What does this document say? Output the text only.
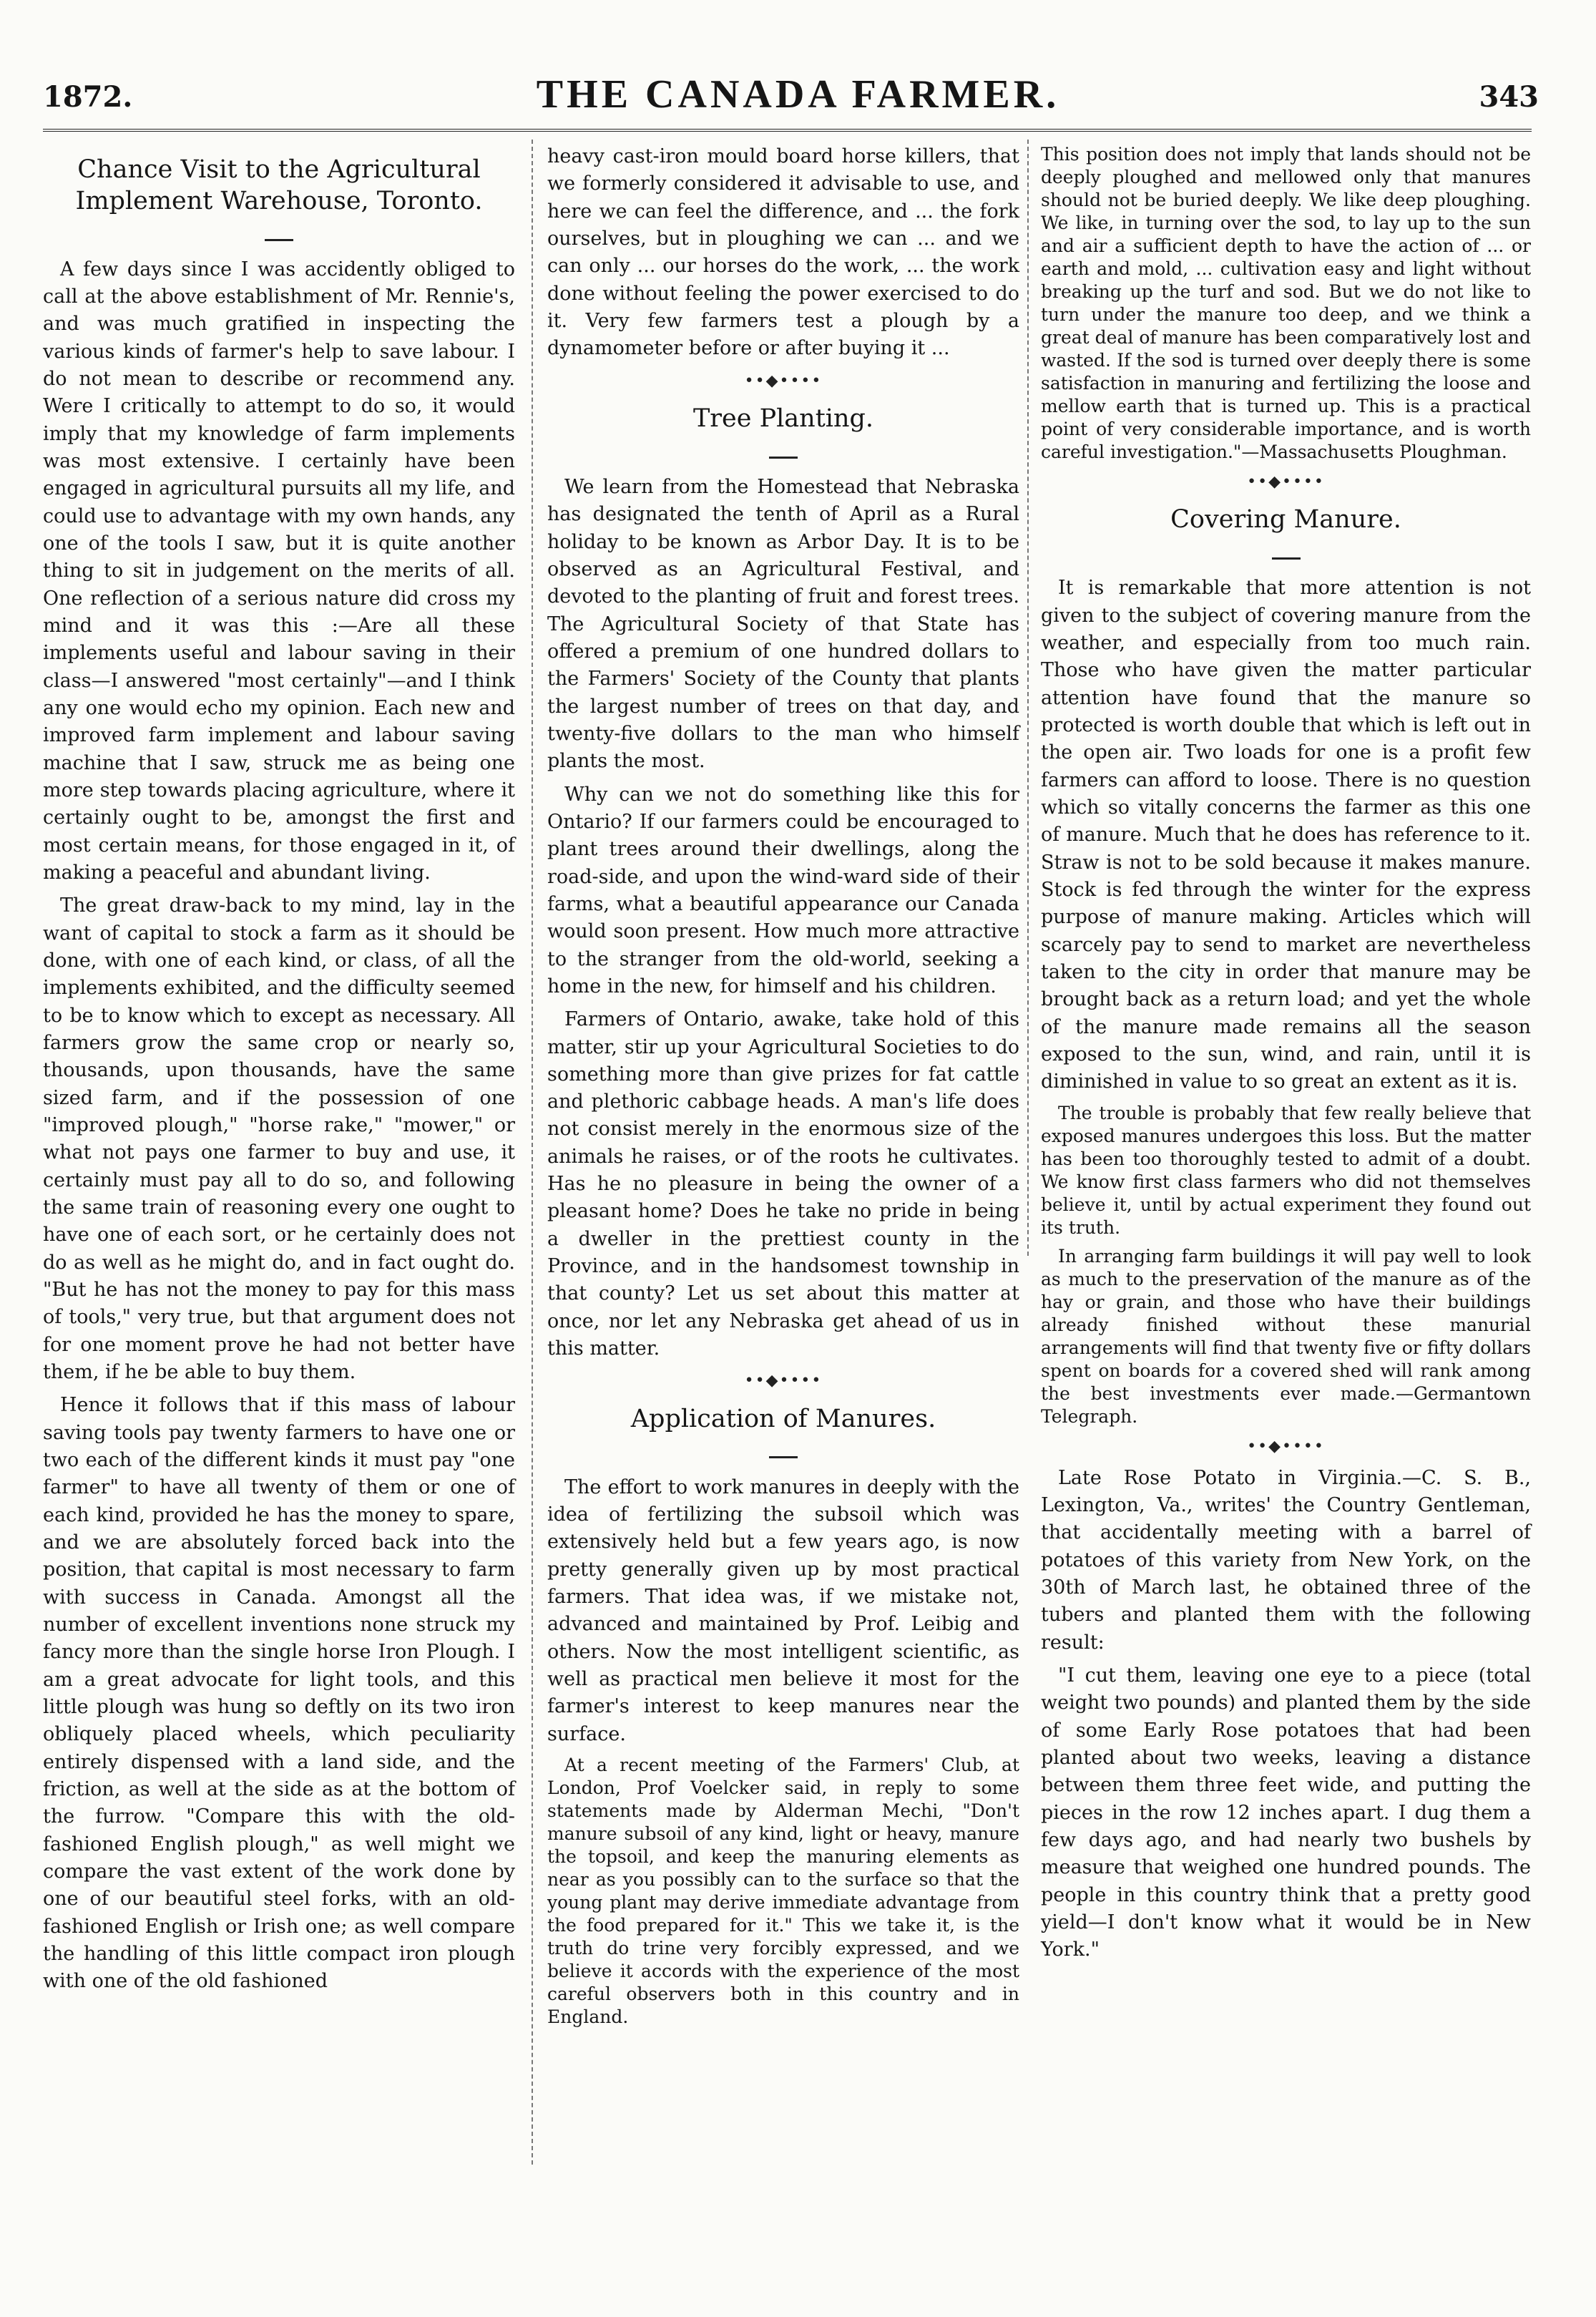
1872.	THE CANADA FARMER.	343
Chance Visit to the Agricultural Implement Warehouse, Toronto.

A few days since I was accidently obliged to call at the above establishment of Mr. Rennie's, and was much gratified in inspecting the various kinds of farmer's help to save labour. I do not mean to describe or recommend any. Were I critically to attempt to do so, it would imply that my knowledge of farm implements was most extensive. I certainly have been engaged in agricultural pursuits all my life, and could use to advantage with my own hands, any one of the tools I saw, but it is quite another thing to sit in judgement on the merits of all. One reflection of a serious nature did cross my mind and it was this :—Are all these implements useful and labour saving in their class—I answered "most certainly"—and I think any one would echo my opinion. Each new and improved farm implement and labour saving machine that I saw, struck me as being one more step towards placing agriculture, where it certainly ought to be, amongst the first and most certain means, for those engaged in it, of making a peaceful and abundant living.

The great draw-back to my mind, lay in the want of capital to stock a farm as it should be done, with one of each kind, or class, of all the implements exhibited, and the difficulty seemed to be to know which to except as necessary. All farmers grow the same crop or nearly so, thousands, upon thousands, have the same sized farm, and if the possession of one "improved plough," "horse rake," "mower," or what not pays one farmer to buy and use, it certainly must pay all to do so, and following the same train of reasoning every one ought to have one of each sort, or he certainly does not do as well as he might do, and in fact ought do. "But he has not the money to pay for this mass of tools," very true, but that argument does not for one moment prove he had not better have them, if he be able to buy them.

Hence it follows that if this mass of labour saving tools pay twenty farmers to have one or two each of the different kinds it must pay "one farmer" to have all twenty of them or one of each kind, provided he has the money to spare, and we are absolutely forced back into the position, that capital is most necessary to farm with success in Canada. Amongst all the number of excellent inventions none struck my fancy more than the single horse Iron Plough. I am a great advocate for light tools, and this little plough was hung so deftly on its two iron obliquely placed wheels, which peculiarity entirely dispensed with a land side, and the friction, as well at the side as at the bottom of the furrow. "Compare this with the old-fashioned English plough," as well might we compare the vast extent of the work done by one of our beautiful steel forks, with an old-fashioned English or Irish one; as well compare the handling of this little compact iron plough with one of the old fashioned

heavy cast-iron mould board horse killers, that we formerly considered it advisable to use, and here we can feel the difference, and ... the fork ourselves, but in ploughing we can ... and we can only ... our horses do the work, ... the work done without feeling the power exercised to do it. Very few farmers test a plough by a dynamometer before or after buying it ...

••◆••••
Tree Planting.

We learn from the Homestead that Nebraska has designated the tenth of April as a Rural holiday to be known as Arbor Day. It is to be observed as an Agricultural Festival, and devoted to the planting of fruit and forest trees. The Agricultural Society of that State has offered a premium of one hundred dollars to the Farmers' Society of the County that plants the largest number of trees on that day, and twenty-five dollars to the man who himself plants the most.

Why can we not do something like this for Ontario? If our farmers could be encouraged to plant trees around their dwellings, along the road-side, and upon the wind-ward side of their farms, what a beautiful appearance our Canada would soon present. How much more attractive to the stranger from the old-world, seeking a home in the new, for himself and his children.

Farmers of Ontario, awake, take hold of this matter, stir up your Agricultural Societies to do something more than give prizes for fat cattle and plethoric cabbage heads. A man's life does not consist merely in the enormous size of the animals he raises, or of the roots he cultivates. Has he no pleasure in being the owner of a pleasant home? Does he take no pride in being a dweller in the prettiest county in the Province, and in the handsomest township in that county? Let us set about this matter at once, nor let any Nebraska get ahead of us in this matter.

••◆••••
Application of Manures.

The effort to work manures in deeply with the idea of fertilizing the subsoil which was extensively held but a few years ago, is now pretty generally given up by most practical farmers. That idea was, if we mistake not, advanced and maintained by Prof. Leibig and others. Now the most intelligent scientific, as well as practical men believe it most for the farmer's interest to keep manures near the surface.

At a recent meeting of the Farmers' Club, at London, Prof Voelcker said, in reply to some statements made by Alderman Mechi, "Don't manure subsoil of any kind, light or heavy, manure the topsoil, and keep the manuring elements as near as you possibly can to the surface so that the young plant may derive immediate advantage from the food prepared for it." This we take it, is the truth do trine very forcibly expressed, and we believe it accords with the experience of the most careful observers both in this country and in England.

This position does not imply that lands should not be deeply ploughed and mellowed only that manures should not be buried deeply. We like deep ploughing. We like, in turning over the sod, to lay up to the sun and air a sufficient depth to have the action of ... or earth and mold, ... cultivation easy and light without breaking up the turf and sod. But we do not like to turn under the manure too deep, and we think a great deal of manure has been comparatively lost and wasted. If the sod is turned over deeply there is some satisfaction in manuring and fertilizing the loose and mellow earth that is turned up. This is a practical point of very considerable importance, and is worth careful investigation."—Massachusetts Ploughman.

••◆••••
Covering Manure.

It is remarkable that more attention is not given to the subject of covering manure from the weather, and especially from too much rain. Those who have given the matter particular attention have found that the manure so protected is worth double that which is left out in the open air. Two loads for one is a profit few farmers can afford to loose. There is no question which so vitally concerns the farmer as this one of manure. Much that he does has reference to it. Straw is not to be sold because it makes manure. Stock is fed through the winter for the express purpose of manure making. Articles which will scarcely pay to send to market are nevertheless taken to the city in order that manure may be brought back as a return load; and yet the whole of the manure made remains all the season exposed to the sun, wind, and rain, until it is diminished in value to so great an extent as it is.

The trouble is probably that few really believe that exposed manures undergoes this loss. But the matter has been too thoroughly tested to admit of a doubt. We know first class farmers who did not themselves believe it, until by actual experiment they found out its truth.

In arranging farm buildings it will pay well to look as much to the preservation of the manure as of the hay or grain, and those who have their buildings already finished without these manurial arrangements will find that twenty five or fifty dollars spent on boards for a covered shed will rank among the best investments ever made.—Germantown Telegraph.

••◆••••

Late Rose Potato in Virginia.—C. S. B., Lexington, Va., writes' the Country Gentleman, that accidentally meeting with a barrel of potatoes of this variety from New York, on the 30th of March last, he obtained three of the tubers and planted them with the following result:

"I cut them, leaving one eye to a piece (total weight two pounds) and planted them by the side of some Early Rose potatoes that had been planted about two weeks, leaving a distance between them three feet wide, and putting the pieces in the row 12 inches apart. I dug them a few days ago, and had nearly two bushels by measure that weighed one hundred pounds. The people in this country think that a pretty good yield—I don't know what it would be in New York."
